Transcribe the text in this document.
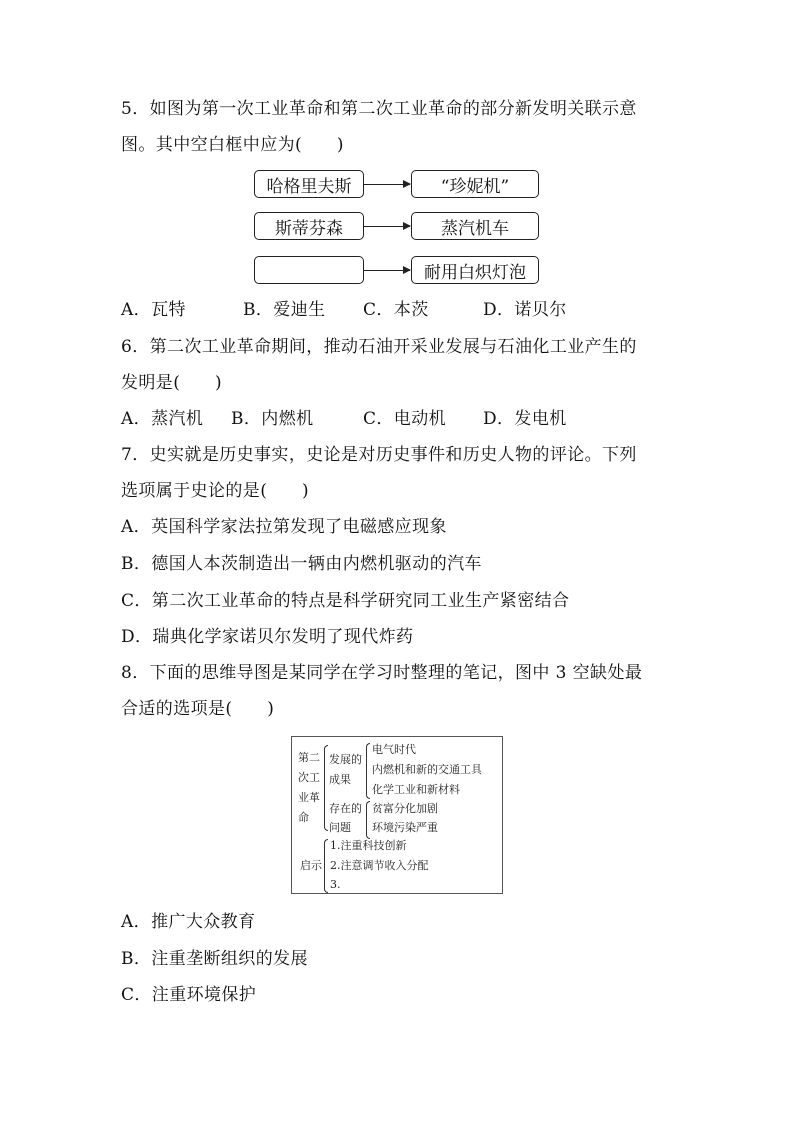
5．如图为第一次工业革命和第二次工业革命的部分新发明关联示意
图。其中空白框中应为(　　)
哈格里夫斯	“珍妮机”
斯蒂芬森	蒸汽机车
耐用白炽灯泡
A．瓦特	B．爱迪生 C．本茨	D．诺贝尔
6．第二次工业革命期间，推动石油开采业发展与石油化工业产生的
发明是(　　)
A．蒸汽机 B．内燃机	C．电动机 D．发电机
7．史实就是历史事实，史论是对历史事件和历史人物的评论。下列
选项属于史论的是(　　)
A．英国科学家法拉第发现了电磁感应现象
B．德国人本茨制造出一辆由内燃机驱动的汽车
C．第二次工业革命的特点是科学研究同工业生产紧密结合
D．瑞典化学家诺贝尔发明了现代炸药
8．下面的思维导图是某同学在学习时整理的笔记，图中 3 空缺处最
合适的选项是(　　)
第二
次工
业革
命
发展的
成果
电气时代
内燃机和新的交通工具
化学工业和新材料
存在的
问题
贫富分化加剧
环境污染严重
启示
1.注重科技创新
2.注意调节收入分配
3.
A．推广大众教育
B．注重垄断组织的发展
C．注重环境保护
